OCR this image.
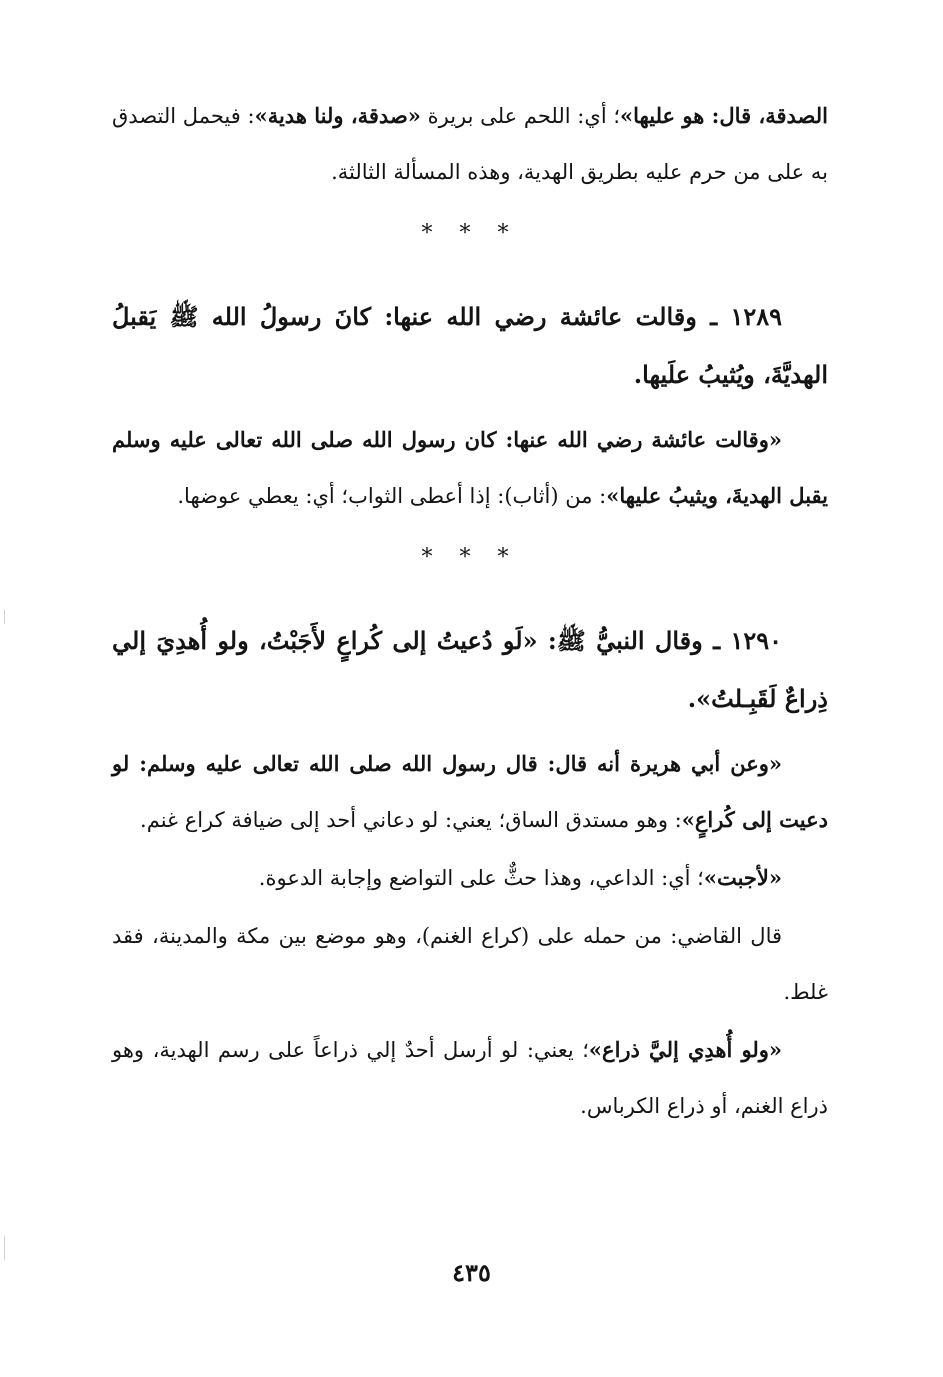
الصدقة، قال: هو عليها»؛ أي: اللحم على بريرة «صدقة، ولنا هدية»: فيحمل التصدق به على من حرم عليه بطريق الهدية، وهذه المسألة الثالثة.

* * *

١٢٨٩ ـ وقالت عائشة رضي الله عنها: كانَ رسولُ الله ﷺ يَقبلُ الهديَّةَ، ويُثيبُ علَيها.

«وقالت عائشة رضي الله عنها: كان رسول الله صلى الله تعالى عليه وسلم يقبل الهديةَ، ويثيبُ عليها»: من (أثاب): إذا أعطى الثواب؛ أي: يعطي عوضها.

* * *

١٢٩٠ ـ وقال النبيُّ ﷺ: «لَو دُعيتُ إلى كُراعٍ لأَجَبْتُ، ولو أُهدِيَ إلي ذِراعٌ لَقَبِـلتُ».

«وعن أبي هريرة أنه قال: قال رسول الله صلى الله تعالى عليه وسلم: لو دعيت إلى كُراعٍ»: وهو مستدق الساق؛ يعني: لو دعاني أحد إلى ضيافة كراع غنم.

«لأجبت»؛ أي: الداعي، وهذا حثٌّ على التواضع وإجابة الدعوة.

قال القاضي: من حمله على (كراع الغنم)، وهو موضع بين مكة والمدينة، فقد غلط.

«ولو أُهدِي إليَّ ذراع»؛ يعني: لو أرسل أحدٌ إلي ذراعاً على رسم الهدية، وهو ذراع الغنم، أو ذراع الكرباس.

٤٣٥
